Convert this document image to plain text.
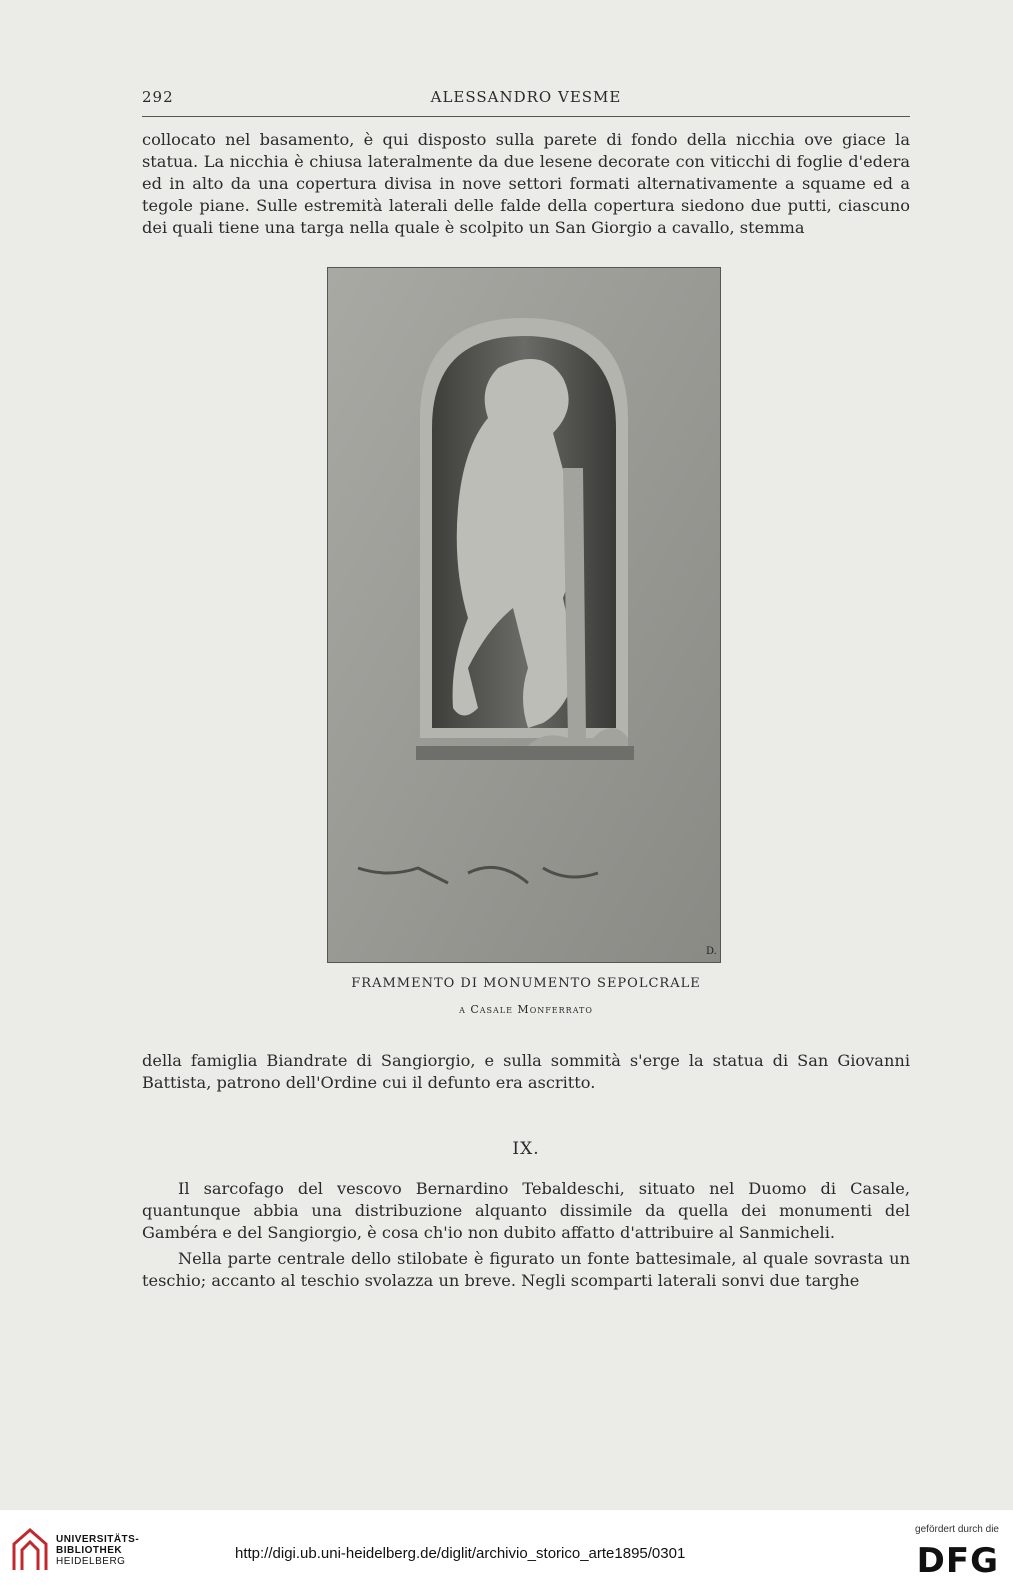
292	ALESSANDRO VESME

collocato nel basamento, è qui disposto sulla parete di fondo della nicchia ove giace la statua. La nicchia è chiusa lateralmente da due lesene decorate con viticchi di foglie d'edera ed in alto da una copertura divisa in nove settori formati alternativamente a squame ed a tegole piane. Sulle estremità laterali delle falde della copertura siedono due putti, ciascuno dei quali tiene una targa nella quale è scolpito un San Giorgio a cavallo, stemma

D.

FRAMMENTO DI MONUMENTO SEPOLCRALE

a Casale Monferrato

della famiglia Biandrate di Sangiorgio, e sulla sommità s'erge la statua di San Giovanni Battista, patrono dell'Ordine cui il defunto era ascritto.

IX.

Il sarcofago del vescovo Bernardino Tebaldeschi, situato nel Duomo di Casale, quantunque abbia una distribuzione alquanto dissimile da quella dei monumenti del Gambéra e del Sangiorgio, è cosa ch'io non dubito affatto d'attribuire al Sanmicheli.

Nella parte centrale dello stilobate è figurato un fonte battesimale, al quale sovrasta un teschio; accanto al teschio svolazza un breve. Negli scomparti laterali sonvi due targhe

UNIVERSITÄTS-
BIBLIOTHEK
HEIDELBERG	http://digi.ub.uni-heidelberg.de/diglit/archivio_storico_arte1895/0301
gefördert durch die
DFG
